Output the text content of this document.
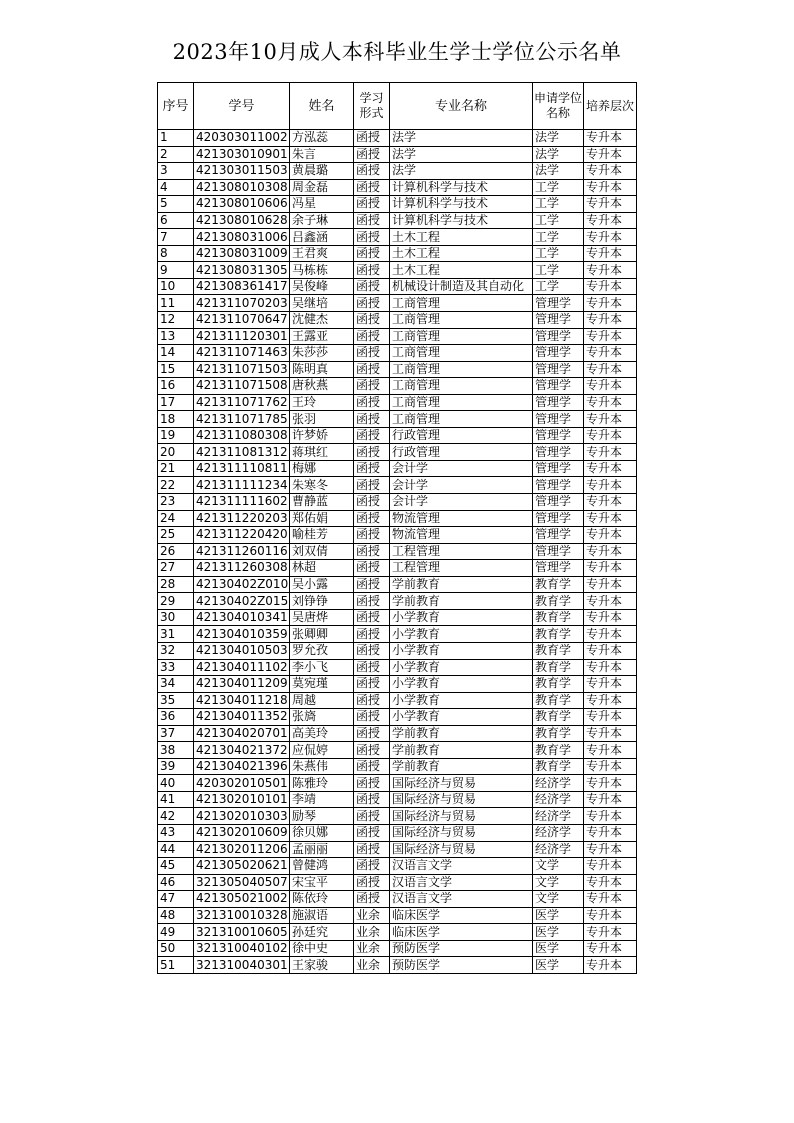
2023年10月成人本科毕业生学士学位公示名单
序号	学号	姓名	学习形式	专业名称	申请学位名称	培养层次
1	420303011002	方泓蕊	函授	法学	法学	专升本
2	421303010901	朱言	函授	法学	法学	专升本
3	421303011503	黄晨璐	函授	法学	法学	专升本
4	421308010308	周金磊	函授	计算机科学与技术	工学	专升本
5	421308010606	冯星	函授	计算机科学与技术	工学	专升本
6	421308010628	余子琳	函授	计算机科学与技术	工学	专升本
7	421308031006	吕鑫涵	函授	土木工程	工学	专升本
8	421308031009	王君爽	函授	土木工程	工学	专升本
9	421308031305	马栋栋	函授	土木工程	工学	专升本
10	421308361417	吴俊峰	函授	机械设计制造及其自动化	工学	专升本
11	421311070203	吴继培	函授	工商管理	管理学	专升本
12	421311070647	沈健杰	函授	工商管理	管理学	专升本
13	421311120301	王露亚	函授	工商管理	管理学	专升本
14	421311071463	朱莎莎	函授	工商管理	管理学	专升本
15	421311071503	陈明真	函授	工商管理	管理学	专升本
16	421311071508	唐秋燕	函授	工商管理	管理学	专升本
17	421311071762	王玲	函授	工商管理	管理学	专升本
18	421311071785	张羽	函授	工商管理	管理学	专升本
19	421311080308	许梦娇	函授	行政管理	管理学	专升本
20	421311081312	蒋琪红	函授	行政管理	管理学	专升本
21	421311110811	梅娜	函授	会计学	管理学	专升本
22	421311111234	朱寒冬	函授	会计学	管理学	专升本
23	421311111602	曹静蓝	函授	会计学	管理学	专升本
24	421311220203	郑佑娟	函授	物流管理	管理学	专升本
25	421311220420	喻桂芳	函授	物流管理	管理学	专升本
26	421311260116	刘双倩	函授	工程管理	管理学	专升本
27	421311260308	林超	函授	工程管理	管理学	专升本
28	42130402Z010	吴小露	函授	学前教育	教育学	专升本
29	42130402Z015	刘铮铮	函授	学前教育	教育学	专升本
30	421304010341	吴唐烨	函授	小学教育	教育学	专升本
31	421304010359	张卿卿	函授	小学教育	教育学	专升本
32	421304010503	罗允孜	函授	小学教育	教育学	专升本
33	421304011102	李小飞	函授	小学教育	教育学	专升本
34	421304011209	莫宛瑾	函授	小学教育	教育学	专升本
35	421304011218	周越	函授	小学教育	教育学	专升本
36	421304011352	张旖	函授	小学教育	教育学	专升本
37	421304020701	高美玲	函授	学前教育	教育学	专升本
38	421304021372	应侃婷	函授	学前教育	教育学	专升本
39	421304021396	朱燕伟	函授	学前教育	教育学	专升本
40	420302010501	陈雅玲	函授	国际经济与贸易	经济学	专升本
41	421302010101	李靖	函授	国际经济与贸易	经济学	专升本
42	421302010303	励琴	函授	国际经济与贸易	经济学	专升本
43	421302010609	徐贝娜	函授	国际经济与贸易	经济学	专升本
44	421302011206	孟丽丽	函授	国际经济与贸易	经济学	专升本
45	421305020621	曾健鸿	函授	汉语言文学	文学	专升本
46	321305040507	宋宝平	函授	汉语言文学	文学	专升本
47	421305021002	陈依玲	函授	汉语言文学	文学	专升本
48	321310010328	施淑语	业余	临床医学	医学	专升本
49	321310010605	孙廷究	业余	临床医学	医学	专升本
50	321310040102	徐中史	业余	预防医学	医学	专升本
51	321310040301	王家骏	业余	预防医学	医学	专升本
